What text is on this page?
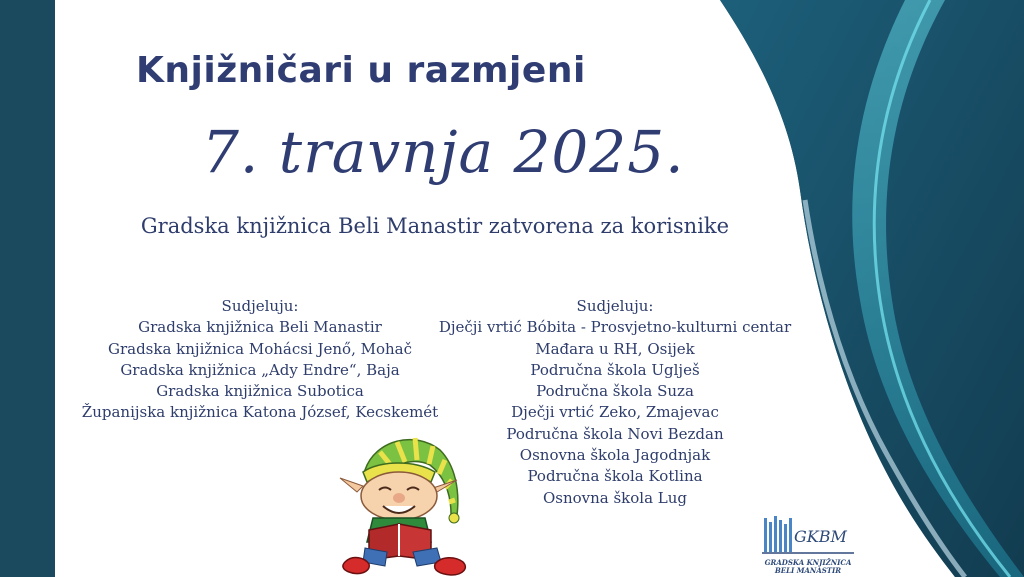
Knjižničari u razmjeni
7. travnja 2025.
Gradska knjižnica Beli Manastir zatvorena za korisnike
Sudjeluju:
Gradska knjižnica Beli Manastir
Gradska knjižnica Mohácsi Jenő, Mohač
Gradska knjižnica „Ady Endre“, Baja
Gradska knjižnica Subotica
Županijska knjižnica Katona József, Kecskemét
Sudjeluju:
Dječji vrtić Bóbita - Prosvjetno-kulturni centar
Mađara u RH, Osijek
Područna škola Uglješ
Područna škola Suza
Dječji vrtić Zeko, Zmajevac
Područna škola Novi Bezdan
Osnovna škola Jagodnjak
Područna škola Kotlina
Osnovna škola Lug
GKBM
GRADSKA KNJIŽNICA
BELI MANASTIR
